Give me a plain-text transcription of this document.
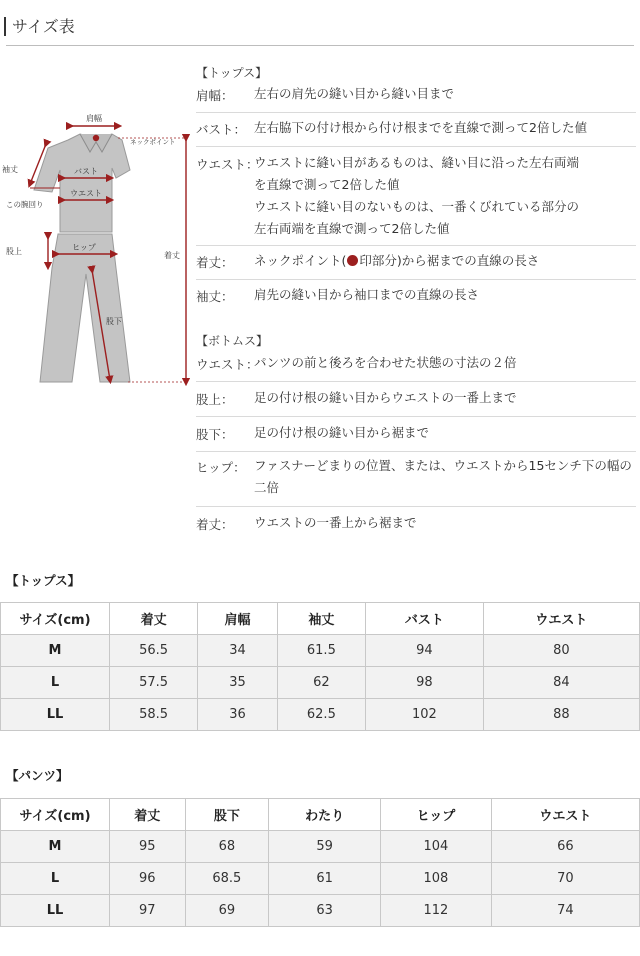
サイズ表
肩幅
ネックポイント
袖丈	バスト
ウエスト
この腕回り
股上	ヒップ
着丈
股下
【トップス】
肩幅： 左右の肩先の縫い目から縫い目まで
バスト： 左右脇下の付け根から付け根までを直線で測って2倍した値
ウエスト：
ウエストに縫い目があるものは、縫い目に沿った左右両端
を直線で測って2倍した値
ウエストに縫い目のないものは、一番くびれている部分の
左右両端を直線で測って2倍した値
着丈： ネックポイント( 印部分)から裾までの直線の長さ
袖丈： 肩先の縫い目から袖口までの直線の長さ
【ボトムス】
ウエスト：
パンツの前と後ろを合わせた状態の寸法の２倍
股上： 足の付け根の縫い目からウエストの一番上まで
股下： 足の付け根の縫い目から裾まで
ヒップ： ファスナーどまりの位置、または、ウエストから15センチ下の幅の
二倍
着丈： ウエストの一番上から裾まで
【トップス】
サイズ(cm)	着丈	肩幅	袖丈	バスト	ウエスト
M	56.5	34	61.5	94	80
L	57.5	35	62	98	84
LL	58.5	36	62.5	102	88
【パンツ】
サイズ(cm)	着丈	股下	わたり	ヒップ	ウエスト
M	95	68	59	104	66
L	96	68.5	61	108	70
LL	97	69	63	112	74
